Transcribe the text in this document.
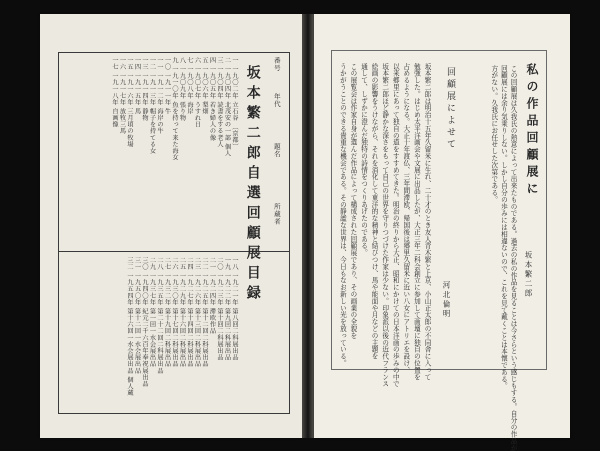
坂本繁二郎自選回顧展目録
番号
年代
題名
所蔵者
一 一九〇二年 立石谷 〔京都〕
二 一九〇四年 北茂安の一部 個人
三 一九〇四年 読書をする老人
四 一九〇五年 若き婦人の像
五 一九〇六年 梨畑
六 一九〇七年 うすれ日
七 一九〇八年 海岸
八 一九〇九年 張り物
九 一九一〇年 魚を持って来た海女
一〇 一九一一年 牛
一一 一九一二年 海岸の牛
一二 一九一三年 帽子を持てる女
一三 一九一四年 静物
一四 一九一五年 馬
一五 一九一六年 三月頃の牧場
一六 一九一七年 放牧三馬
一七 一九一八年 自画像
一八 一九二一年 第八回二科展出品
一九 一九二二年 第九回二科展出品
二〇 一九二三年 第十回二科展出品
二一 一九二四年 滞欧作品
二二 一九二五年 第十二回二科展出品
二三 一九二六年 第十三回二科展出品
二四 一九二七年 第十四回二科展出品
二五 一九二九年 第十六回二科展出品
二六 一九三〇年 第十七回二科展出品
二七 一九三二年 第十九回二科展出品
二八 一九三五年 第二十二回二科展出品
二九 一九三七年 第一回一水会展出品
三〇 一九四〇年 紀元二千六百年奉祝展出品
三一 一九五〇年 第十二回一水会展出品
三二 一九五四年 第十六回一水会展出品 個人蔵
私の作品回顧展に
坂本繁二郎
この回顧展は久我氏の熱意によって出来たものである。過去の私の作品を見ることは今さらという感じもする。自分の作品が
回顧展には余り気乗りしない。しかし自分の歩みには相違ないので、これを見て戴くことは本懐である。
方がない。久我氏にお任せした次第である。
回顧展によせて
河北倫明
坂本繁二郎は明治十五年久留米に生れ、二十才のとき友人青木繁と上京、小山正太郎の不同舎に入って
勉強した。はじめ太平洋画会や文展に出品したが、大正三年二科会創立に参加して画壇に独自の位置を
占めるようになる。大正十年渡仏、三年間滞欧、帰国後は郷里久留米に近い八女にアトリエを設け、
以来郷里にあって独自の道をすすめてきた。明治の終りから大正、昭和にかけての日本洋画の歩みの中で
坂本繁二郎ほど静かな深さをもって自己の世界を守りつづけた作家は少ない。印象派以後の近代フランス
絵画の影響をうけながら、それを消化して東洋的な精神と結びつけ、馬や能面や月などの主題を
通して、しずかに澄んだ独特の詩情をつくりあげたのである。
この展覧会は作家自身が選んだ作品によって構成された回顧展であり、その画業の全貌を
うかがうことのできる貴重な機会である。その静謐な世界は、今日もなお新しい光を放っている。
